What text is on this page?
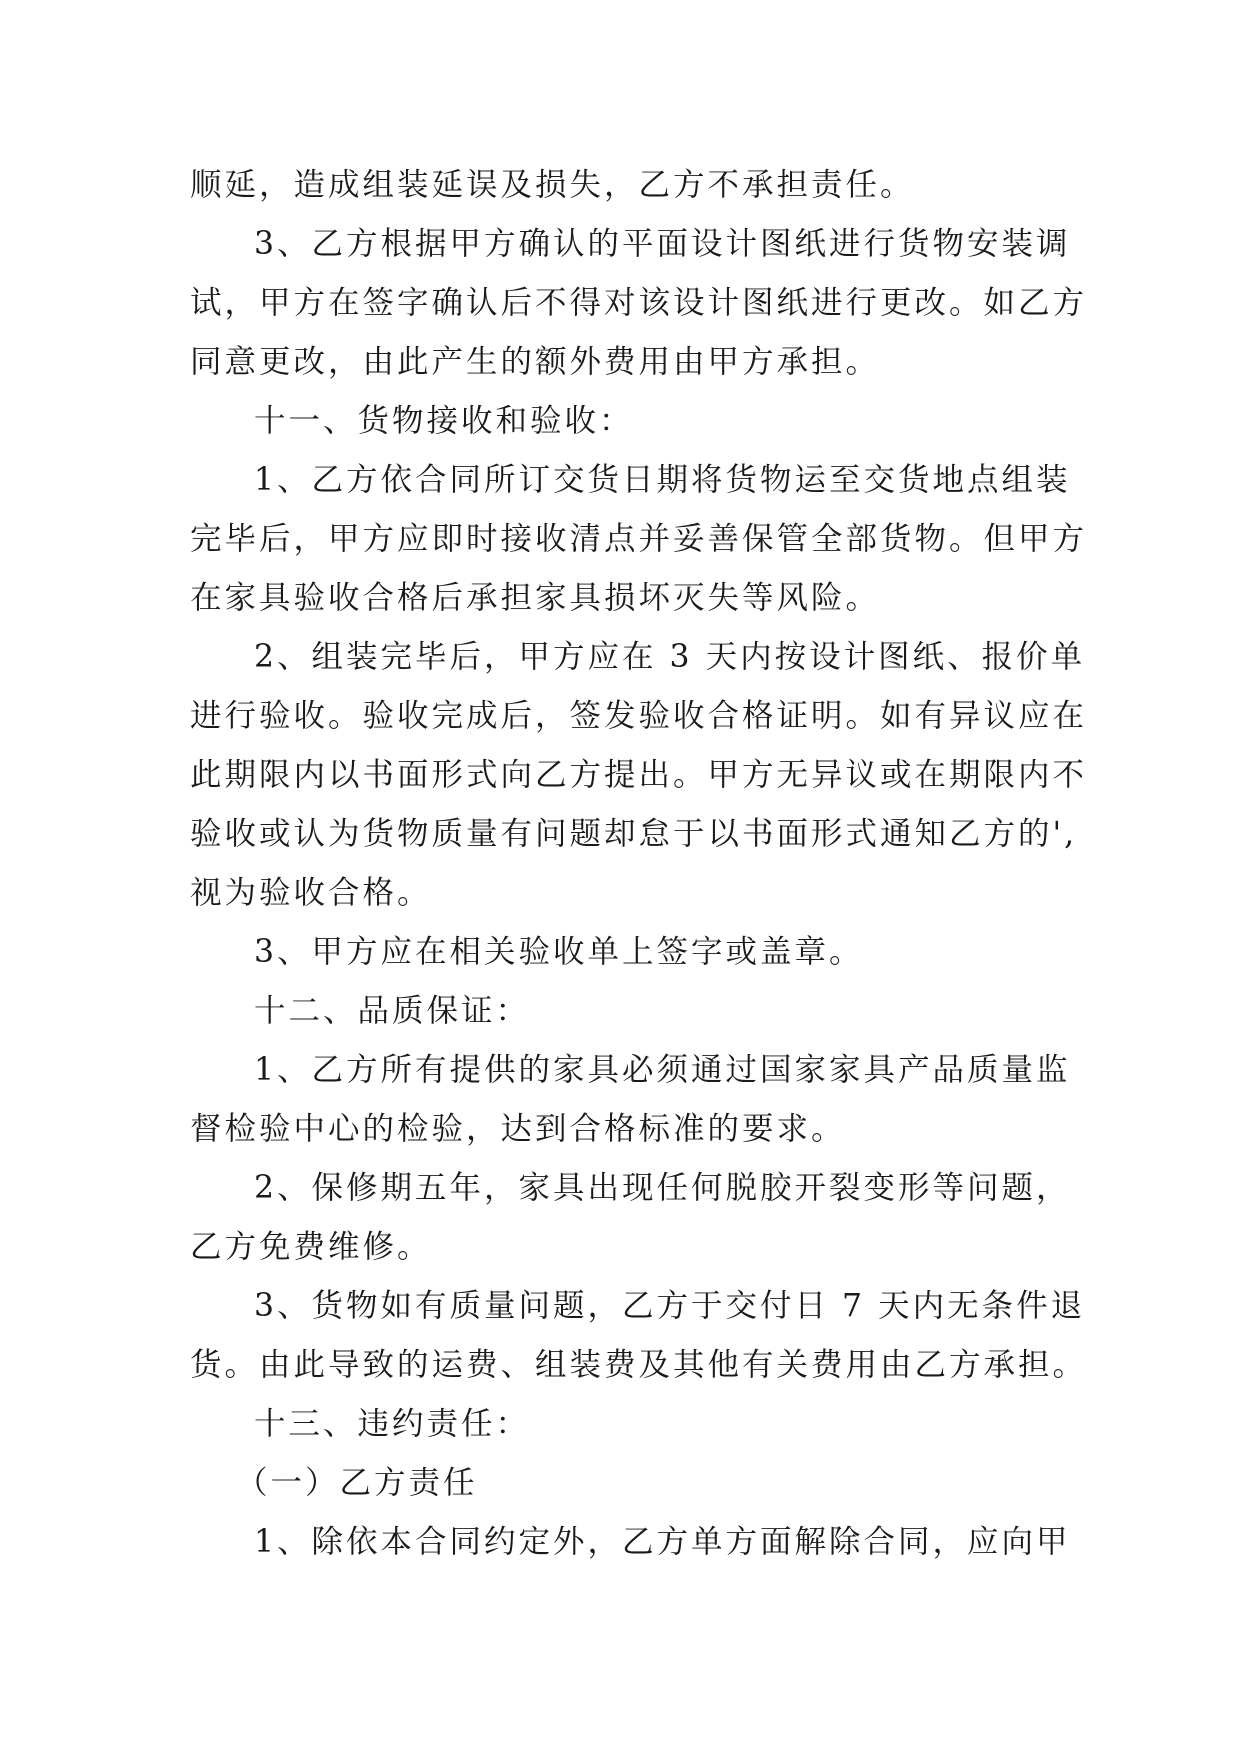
顺延，造成组装延误及损失，乙方不承担责任。
3、乙方根据甲方确认的平面设计图纸进行货物安装调
试，甲方在签字确认后不得对该设计图纸进行更改。如乙方
同意更改，由此产生的额外费用由甲方承担。
十一、货物接收和验收：
1、乙方依合同所订交货日期将货物运至交货地点组装
完毕后，甲方应即时接收清点并妥善保管全部货物。但甲方
在家具验收合格后承担家具损坏灭失等风险。
2、组装完毕后，甲方应在 3 天内按设计图纸、报价单
进行验收。验收完成后，签发验收合格证明。如有异议应在
此期限内以书面形式向乙方提出。甲方无异议或在期限内不
验收或认为货物质量有问题却怠于以书面形式通知乙方的',
视为验收合格。
3、甲方应在相关验收单上签字或盖章。
十二、品质保证：
1、乙方所有提供的家具必须通过国家家具产品质量监
督检验中心的检验，达到合格标准的要求。
2、保修期五年，家具出现任何脱胶开裂变形等问题，
乙方免费维修。
3、货物如有质量问题，乙方于交付日 7 天内无条件退
货。由此导致的运费、组装费及其他有关费用由乙方承担。
十三、违约责任：
（一）乙方责任
1、除依本合同约定外，乙方单方面解除合同，应向甲
